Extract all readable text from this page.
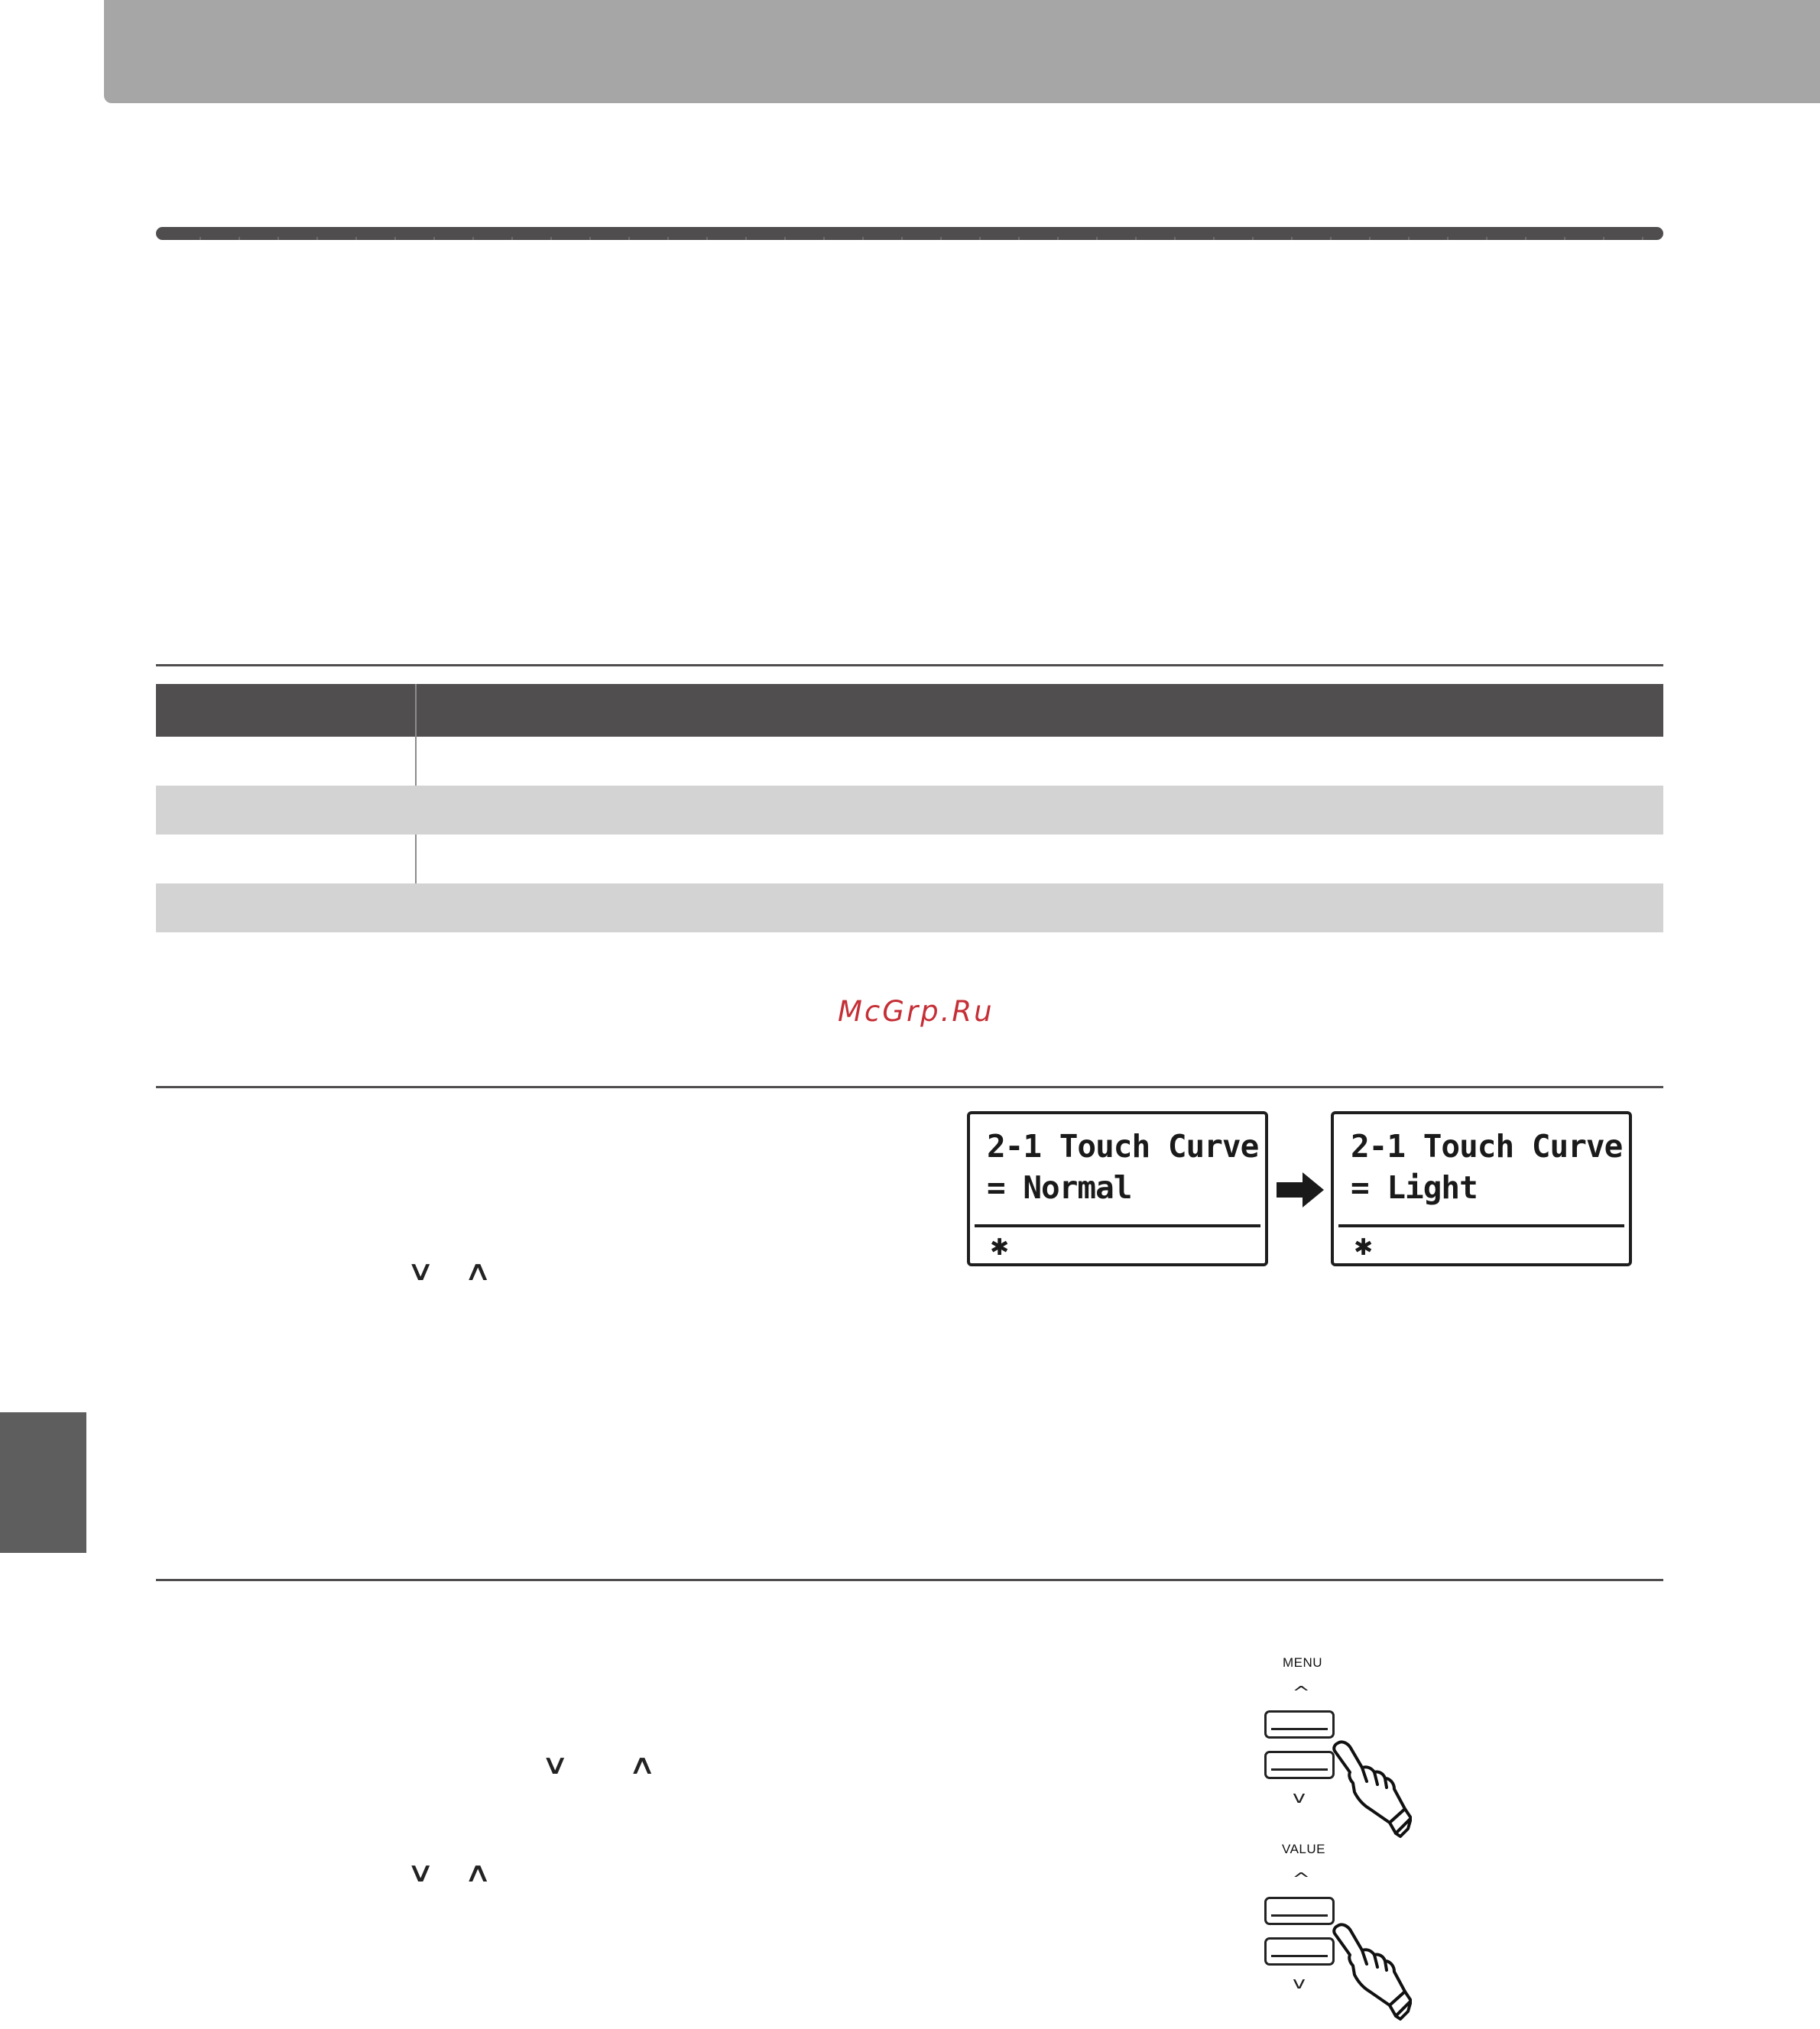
McGrp.Ru
2-1 Touch Curve
= Normal
✱
2-1 Touch Curve
= Light
✱
∨ ∧
∨ ∧
∨ ∧
MENU
^
v
VALUE
^
v
